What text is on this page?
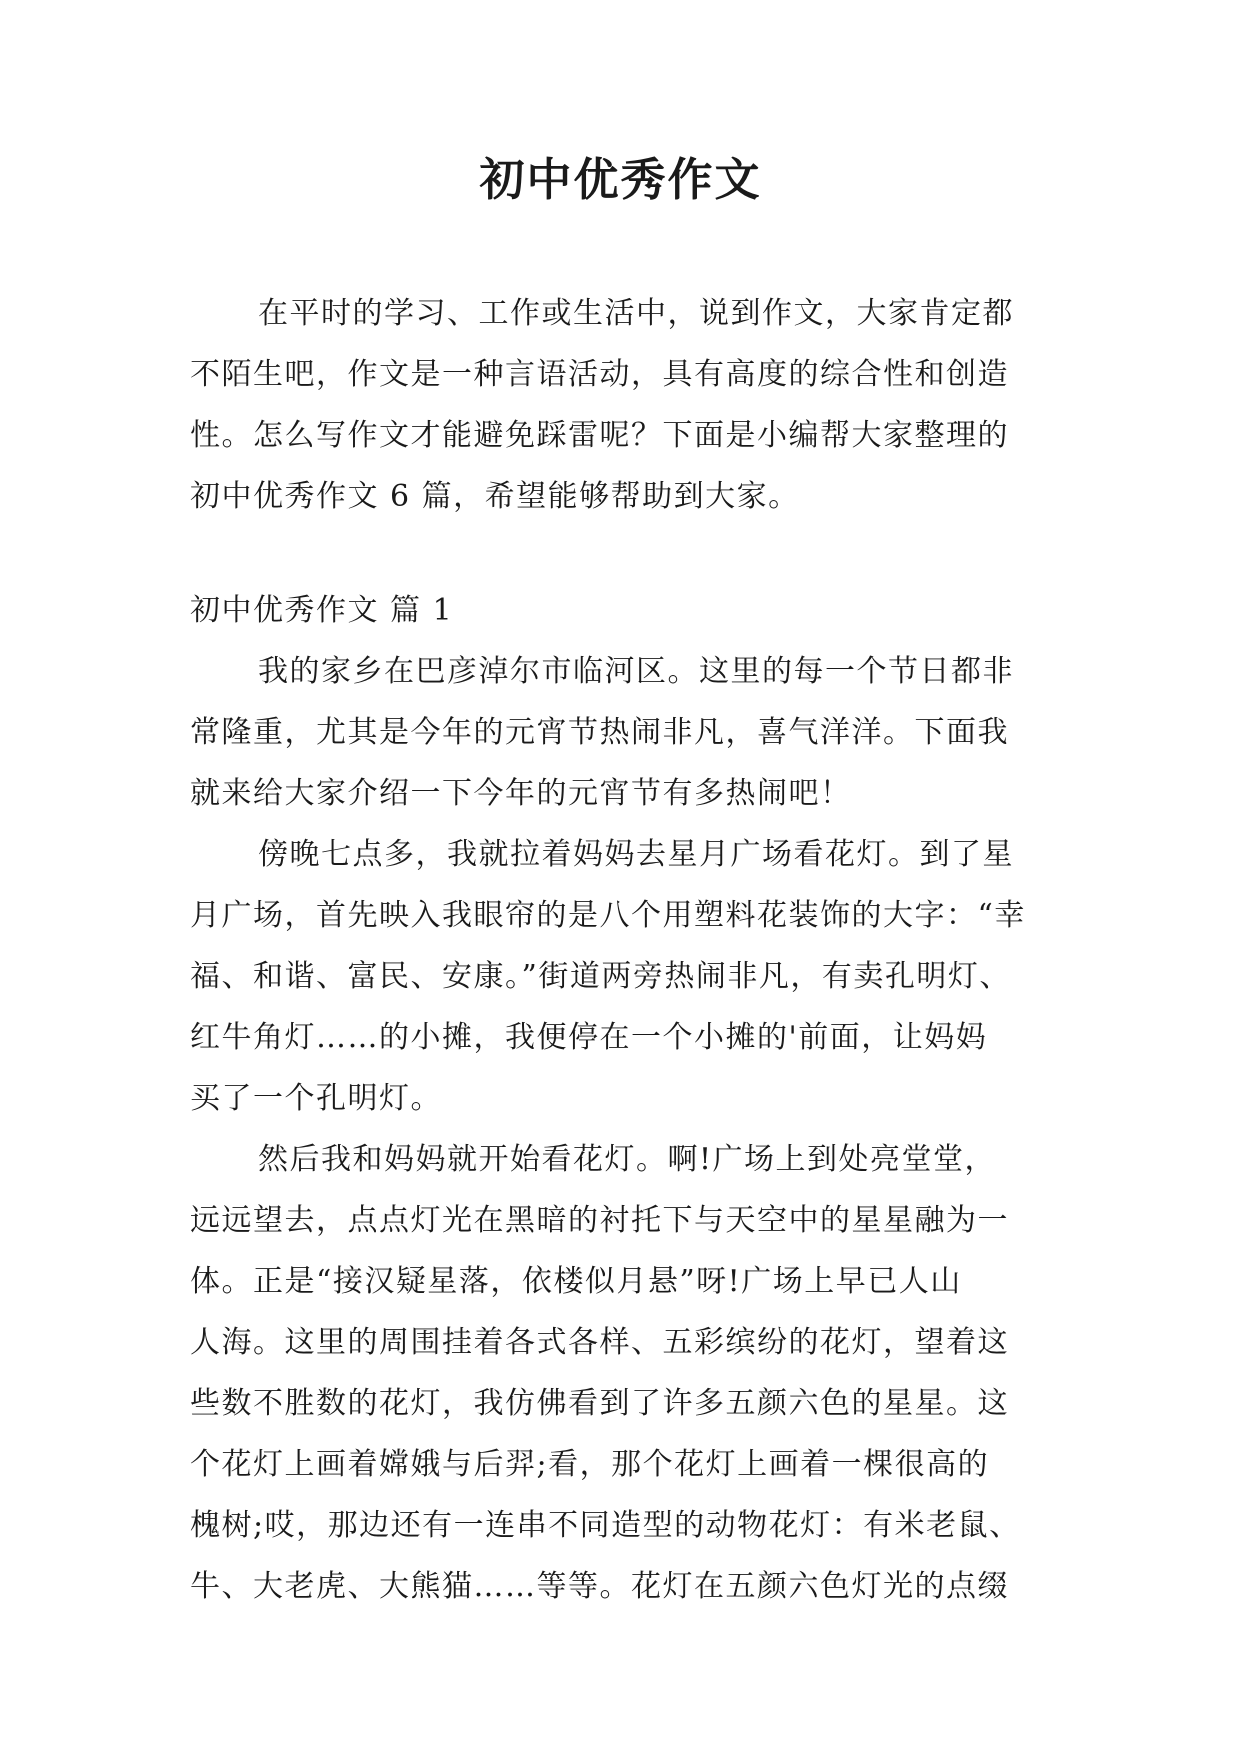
初中优秀作文
在平时的学习、工作或生活中，说到作文，大家肯定都
不陌生吧，作文是一种言语活动，具有高度的综合性和创造
性。怎么写作文才能避免踩雷呢？下面是小编帮大家整理的
初中优秀作文 6 篇，希望能够帮助到大家。
初中优秀作文 篇 1
我的家乡在巴彦淖尔市临河区。这里的每一个节日都非
常隆重，尤其是今年的元宵节热闹非凡，喜气洋洋。下面我
就来给大家介绍一下今年的元宵节有多热闹吧！
傍晚七点多，我就拉着妈妈去星月广场看花灯。到了星
月广场，首先映入我眼帘的是八个用塑料花装饰的大字：“幸
福、和谐、富民、安康。”街道两旁热闹非凡，有卖孔明灯、
红牛角灯……的小摊，我便停在一个小摊的'前面，让妈妈
买了一个孔明灯。
然后我和妈妈就开始看花灯。啊!广场上到处亮堂堂，
远远望去，点点灯光在黑暗的衬托下与天空中的星星融为一
体。正是“接汉疑星落，依楼似月悬”呀!广场上早已人山
人海。这里的周围挂着各式各样、五彩缤纷的花灯，望着这
些数不胜数的花灯，我仿佛看到了许多五颜六色的星星。这
个花灯上画着嫦娥与后羿;看，那个花灯上画着一棵很高的
槐树;哎，那边还有一连串不同造型的动物花灯：有米老鼠、
牛、大老虎、大熊猫……等等。花灯在五颜六色灯光的点缀
